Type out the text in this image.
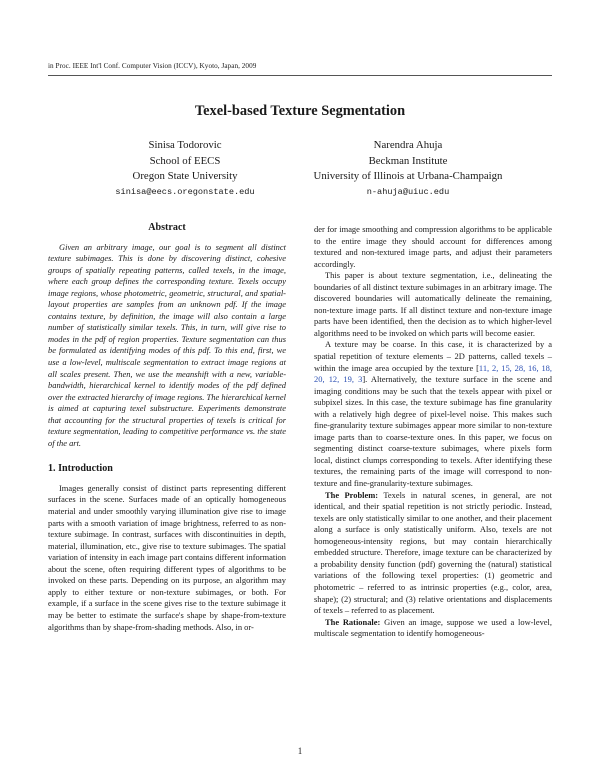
in Proc. IEEE Int'l Conf. Computer Vision (ICCV), Kyoto, Japan, 2009
Texel-based Texture Segmentation
Sinisa Todorovic
School of EECS
Oregon State University
sinisa@eecs.oregonstate.edu
Narendra Ahuja
Beckman Institute
University of Illinois at Urbana-Champaign
n-ahuja@uiuc.edu
Abstract

Given an arbitrary image, our goal is to segment all distinct texture subimages. This is done by discovering distinct, cohesive groups of spatially repeating patterns, called texels, in the image, where each group defines the corresponding texture. Texels occupy image regions, whose photometric, geometric, structural, and spatial-layout properties are samples from an unknown pdf. If the image contains texture, by definition, the image will also contain a large number of statistically similar texels. This, in turn, will give rise to modes in the pdf of region properties. Texture segmentation can thus be formulated as identifying modes of this pdf. To this end, first, we use a low-level, multiscale segmentation to extract image regions at all scales present. Then, we use the meanshift with a new, variable-bandwidth, hierarchical kernel to identify modes of the pdf defined over the extracted hierarchy of image regions. The hierarchical kernel is aimed at capturing texel substructure. Experiments demonstrate that accounting for the structural properties of texels is critical for texture segmentation, leading to competitive performance vs. the state of the art.

1. Introduction

Images generally consist of distinct parts representing different surfaces in the scene. Surfaces made of an optically homogeneous material and under smoothly varying illumination give rise to image parts with a smooth variation of image brightness, referred to as non-texture subimage. In contrast, surfaces with discontinuities in depth, material, illumination, etc., give rise to texture subimages. The spatial variation of intensity in each image part contains different information about the scene, often requiring different types of algorithms to be invoked on these parts. Depending on its purpose, an algorithm may apply to either texture or non-texture subimages, or both. For example, if a surface in the scene gives rise to the texture subimage it may be better to estimate the surface's shape by shape-from-texture algorithms than by shape-from-shading methods. Also, in or-

der for image smoothing and compression algorithms to be applicable to the entire image they should account for differences among textured and non-textured image parts, and adjust their parameters accordingly.

This paper is about texture segmentation, i.e., delineating the boundaries of all distinct texture subimages in an arbitrary image. The discovered boundaries will automatically delineate the remaining, non-texture image parts. If all distinct texture and non-texture image parts have been identified, then the decision as to which higher-level algorithms need to be invoked on which parts will become easier.

A texture may be coarse. In this case, it is characterized by a spatial repetition of texture elements – 2D patterns, called texels – within the image area occupied by the texture [11, 2, 15, 28, 16, 18, 20, 12, 19, 3]. Alternatively, the texture surface in the scene and imaging conditions may be such that the texels appear with pixel or subpixel sizes. In this case, the texture subimage has fine granularity with a relatively high degree of pixel-level noise. This makes such fine-granularity texture subimages appear more similar to non-texture image parts than to coarse-texture ones. In this paper, we focus on segmenting distinct coarse-texture subimages, where pixels form local, distinct clumps corresponding to texels. After identifying these textures, the remaining parts of the image will correspond to non-texture and fine-granularity-texture subimages.

The Problem: Texels in natural scenes, in general, are not identical, and their spatial repetition is not strictly periodic. Instead, texels are only statistically similar to one another, and their placement along a surface is only statistically uniform. Also, texels are not homogeneous-intensity regions, but may contain hierarchically embedded structure. Therefore, image texture can be characterized by a probability density function (pdf) governing the (natural) statistical variations of the following texel properties: (1) geometric and photometric – referred to as intrinsic properties (e.g., color, area, shape); (2) structural; and (3) relative orientations and displacements of texels – referred to as placement.

The Rationale: Given an image, suppose we used a low-level, multiscale segmentation to identify homogeneous-

1
